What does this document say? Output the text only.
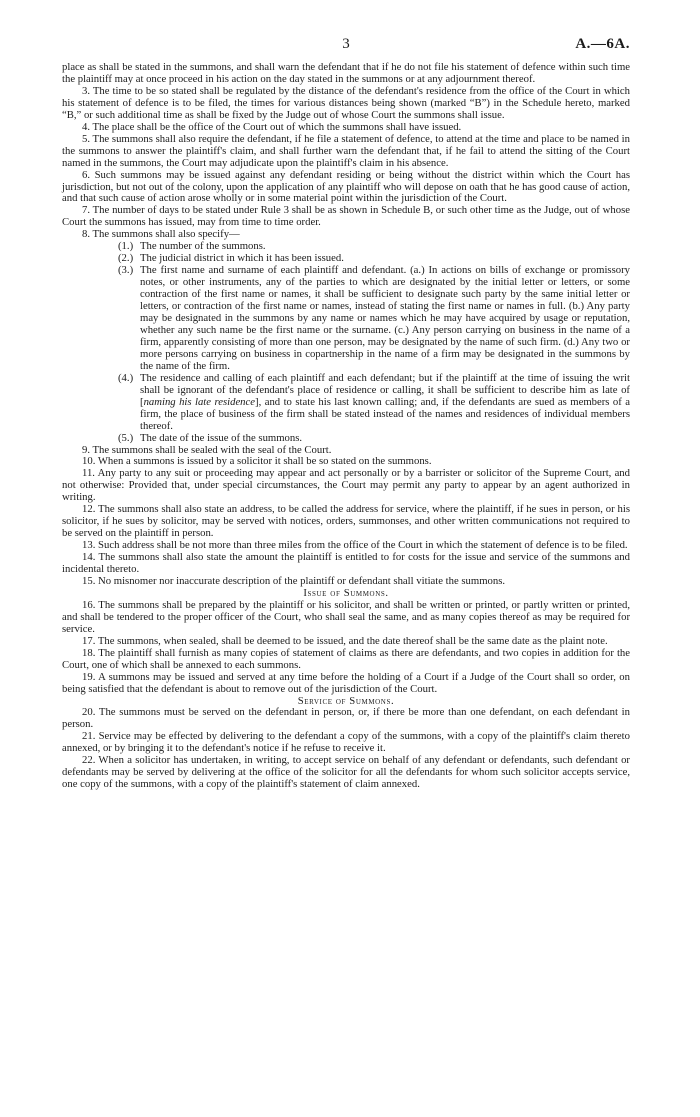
3	A.—6A.

place as shall be stated in the summons, and shall warn the defendant that if he do not file his statement of defence within such time the plaintiff may at once proceed in his action on the day stated in the summons or at any adjournment thereof.

3. The time to be so stated shall be regulated by the distance of the defendant's residence from the office of the Court in which his statement of defence is to be filed, the times for various distances being shown (marked “B”) in the Schedule hereto, marked “B,” or such additional time as shall be fixed by the Judge out of whose Court the summons shall issue.

4. The place shall be the office of the Court out of which the summons shall have issued.

5. The summons shall also require the defendant, if he file a statement of defence, to attend at the time and place to be named in the summons to answer the plaintiff's claim, and shall further warn the defendant that, if he fail to attend the sitting of the Court named in the summons, the Court may adjudicate upon the plaintiff's claim in his absence.

6. Such summons may be issued against any defendant residing or being without the district within which the Court has jurisdiction, but not out of the colony, upon the application of any plaintiff who will depose on oath that he has good cause of action, and that such cause of action arose wholly or in some material point within the jurisdiction of the Court.

7. The number of days to be stated under Rule 3 shall be as shown in Schedule B, or such other time as the Judge, out of whose Court the summons has issued, may from time to time order.

8. The summons shall also specify—

(1.) The number of the summons.
(2.) The judicial district in which it has been issued.
(3.) The first name and surname of each plaintiff and defendant. (a.) In actions on bills of exchange or promissory notes, or other instruments, any of the parties to which are designated by the initial letter or letters, or some contraction of the first name or names, it shall be sufficient to designate such party by the same initial letter or letters, or contraction of the first name or names, instead of stating the first name or names in full. (b.) Any party may be designated in the summons by any name or names which he may have acquired by usage or reputation, whether any such name be the first name or the surname. (c.) Any person carrying on business in the name of a firm, apparently consisting of more than one person, may be designated by the name of such firm. (d.) Any two or more persons carrying on business in copartnership in the name of a firm may be designated in the summons by the name of the firm.
(4.) The residence and calling of each plaintiff and each defendant; but if the plaintiff at the time of issuing the writ shall be ignorant of the defendant's place of residence or calling, it shall be sufficient to describe him as late of [naming his late residence], and to state his last known calling; and, if the defendants are sued as members of a firm, the place of business of the firm shall be stated instead of the names and residences of individual members thereof.
(5.) The date of the issue of the summons.

9. The summons shall be sealed with the seal of the Court.

10. When a summons is issued by a solicitor it shall be so stated on the summons.

11. Any party to any suit or proceeding may appear and act personally or by a barrister or solicitor of the Supreme Court, and not otherwise: Provided that, under special circumstances, the Court may permit any party to appear by an agent authorized in writing.

12. The summons shall also state an address, to be called the address for service, where the plaintiff, if he sues in person, or his solicitor, if he sues by solicitor, may be served with notices, orders, summonses, and other written communications not required to be served on the plaintiff in person.

13. Such address shall be not more than three miles from the office of the Court in which the statement of defence is to be filed.

14. The summons shall also state the amount the plaintiff is entitled to for costs for the issue and service of the summons and incidental thereto.

15. No misnomer nor inaccurate description of the plaintiff or defendant shall vitiate the summons.

Issue of Summons.

16. The summons shall be prepared by the plaintiff or his solicitor, and shall be written or printed, or partly written or printed, and shall be tendered to the proper officer of the Court, who shall seal the same, and as many copies thereof as may be required for service.

17. The summons, when sealed, shall be deemed to be issued, and the date thereof shall be the same date as the plaint note.

18. The plaintiff shall furnish as many copies of statement of claims as there are defendants, and two copies in addition for the Court, one of which shall be annexed to each summons.

19. A summons may be issued and served at any time before the holding of a Court if a Judge of the Court shall so order, on being satisfied that the defendant is about to remove out of the jurisdiction of the Court.

Service of Summons.

20. The summons must be served on the defendant in person, or, if there be more than one defendant, on each defendant in person.

21. Service may be effected by delivering to the defendant a copy of the summons, with a copy of the plaintiff's claim thereto annexed, or by bringing it to the defendant's notice if he refuse to receive it.

22. When a solicitor has undertaken, in writing, to accept service on behalf of any defendant or defendants, such defendant or defendants may be served by delivering at the office of the solicitor for all the defendants for whom such solicitor accepts service, one copy of the summons, with a copy of the plaintiff's statement of claim annexed.
